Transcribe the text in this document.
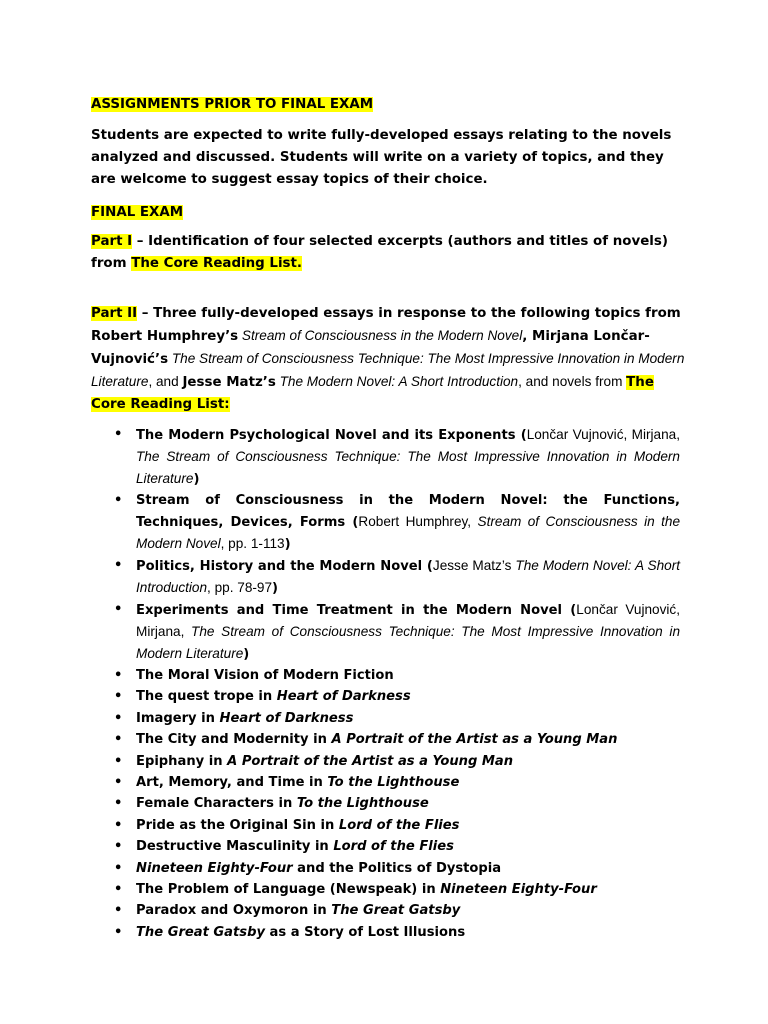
ASSIGNMENTS PRIOR TO FINAL EXAM
Students are expected to write fully-developed essays relating to the novels analyzed and discussed. Students will write on a variety of topics, and they are welcome to suggest essay topics of their choice.
FINAL EXAM
Part I – Identification of four selected excerpts (authors and titles of novels) from The Core Reading List.
Part II – Three fully-developed essays in response to the following topics from Robert Humphrey’s Stream of Consciousness in the Modern Novel, Mirjana Lončar-Vujnović’s The Stream of Consciousness Technique: The Most Impressive Innovation in Modern Literature, and Jesse Matz’s The Modern Novel: A Short Introduction, and novels from The Core Reading List:
• The Modern Psychological Novel and its Exponents (Lončar Vujnović, Mirjana, The Stream of Consciousness Technique: The Most Impressive Innovation in Modern Literature)
• Stream of Consciousness in the Modern Novel: the Functions, Techniques, Devices, Forms (Robert Humphrey, Stream of Consciousness in the Modern Novel, pp. 1-113)
• Politics, History and the Modern Novel (Jesse Matz’s The Modern Novel: A Short Introduction, pp. 78-97)
• Experiments and Time Treatment in the Modern Novel (Lončar Vujnović, Mirjana, The Stream of Consciousness Technique: The Most Impressive Innovation in Modern Literature)
• The Moral Vision of Modern Fiction
• The quest trope in Heart of Darkness
• Imagery in Heart of Darkness
• The City and Modernity in A Portrait of the Artist as a Young Man
• Epiphany in A Portrait of the Artist as a Young Man
• Art, Memory, and Time in To the Lighthouse
• Female Characters in To the Lighthouse
• Pride as the Original Sin in Lord of the Flies
• Destructive Masculinity in Lord of the Flies
• Nineteen Eighty-Four and the Politics of Dystopia
• The Problem of Language (Newspeak) in Nineteen Eighty-Four
• Paradox and Oxymoron in The Great Gatsby
• The Great Gatsby as a Story of Lost Illusions
